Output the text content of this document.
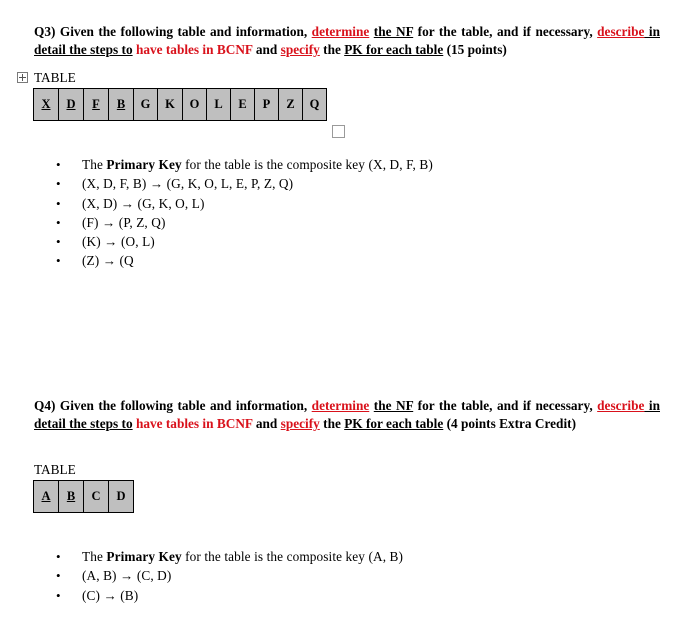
Q3) Given the following table and information, determine the NF for the table, and if necessary, describe in detail the steps to have tables in BCNF and specify the PK for each table (15 points)
TABLE
X	D	F	B	G	K	O	L	E	P	Z	Q
• The Primary Key for the table is the composite key (X, D, F, B)
• (X, D, F, B) → (G, K, O, L, E, P, Z, Q)
• (X, D) → (G, K, O, L)
• (F) → (P, Z, Q)
• (K) → (O, L)
• (Z) → (Q
Q4) Given the following table and information, determine the NF for the table, and if necessary, describe in detail the steps to have tables in BCNF and specify the PK for each table (4 points Extra Credit)
TABLE
A	B	C	D
• The Primary Key for the table is the composite key (A, B)
• (A, B) → (C, D)
• (C) → (B)
